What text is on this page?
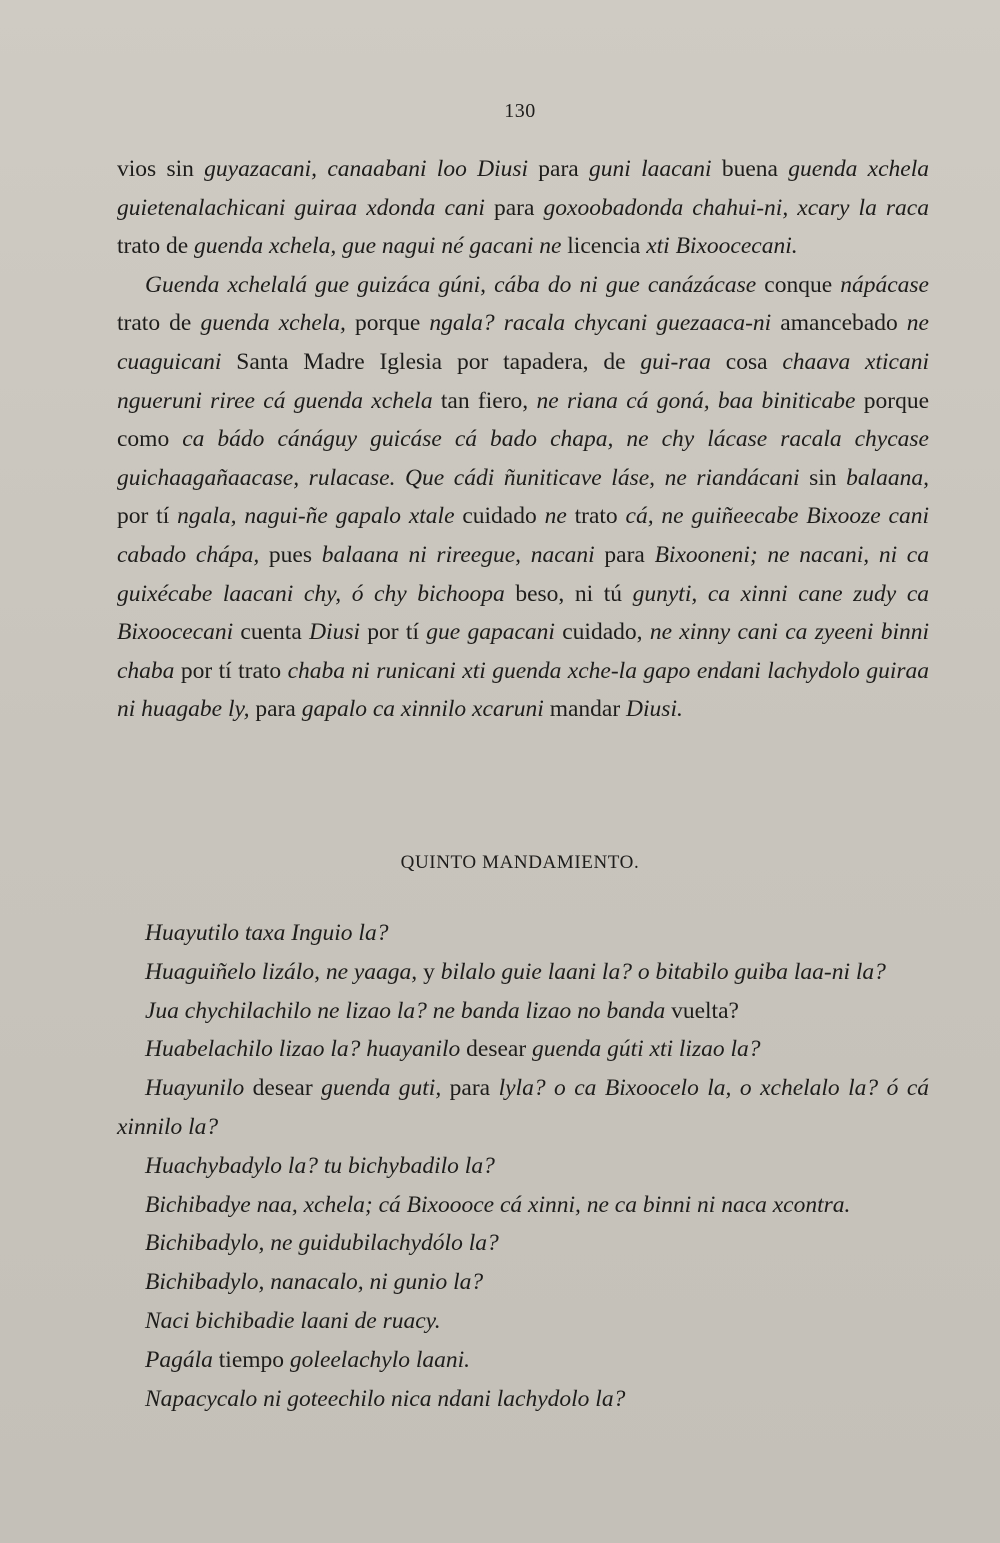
130

vios sin guyazacani, canaabani loo Diusi para guni laacani buena guenda xchela guietenalachicani guiraa xdonda cani para goxoobadonda chahui-ni, xcary la raca trato de guenda xchela, gue nagui né gacani ne licencia xti Bixoocecani.

Guenda xchelalá gue guizáca gúni, cába do ni gue canázácase conque nápácase trato de guenda xchela, porque ngala? racala chycani guezaaca-ni amancebado ne cuaguicani Santa Madre Iglesia por tapadera, de gui-raa cosa chaava xticani ngueruni riree cá guenda xchela tan fiero, ne riana cá goná, baa biniticabe porque como ca bádo cánáguy guicáse cá bado chapa, ne chy lácase racala chycase guichaagañaacase, rulacase. Que cádi ñuniticave láse, ne riandácani sin balaana, por tí ngala, nagui-ñe gapalo xtale cuidado ne trato cá, ne guiñeecabe Bixooze cani cabado chápa, pues balaana ni rireegue, nacani para Bixooneni; ne nacani, ni ca guixécabe laacani chy, ó chy bichoopa beso, ni tú gunyti, ca xinni cane zudy ca Bixoocecani cuenta Diusi por tí gue gapacani cuidado, ne xinny cani ca zyeeni binni chaba por tí trato chaba ni runicani xti guenda xche-la gapo endani lachydolo guiraa ni huagabe ly, para gapalo ca xinnilo xcaruni mandar Diusi.

QUINTO MANDAMIENTO.

Huayutilo taxa Inguio la?

Huaguiñelo lizálo, ne yaaga, y bilalo guie laani la? o bitabilo guiba laa-ni la?

Jua chychilachilo ne lizao la? ne banda lizao no banda vuelta?

Huabelachilo lizao la? huayanilo desear guenda gúti xti lizao la?

Huayunilo desear guenda guti, para lyla? o ca Bixoocelo la, o xchelalo la? ó cá xinnilo la?

Huachybadylo la? tu bichybadilo la?

Bichibadye naa, xchela; cá Bixoooce cá xinni, ne ca binni ni naca xcontra.

Bichibadylo, ne guidubilachydólo la?

Bichibadylo, nanacalo, ni gunio la?

Naci bichibadie laani de ruacy.

Pagála tiempo goleelachylo laani.

Napacycalo ni goteechilo nica ndani lachydolo la?
